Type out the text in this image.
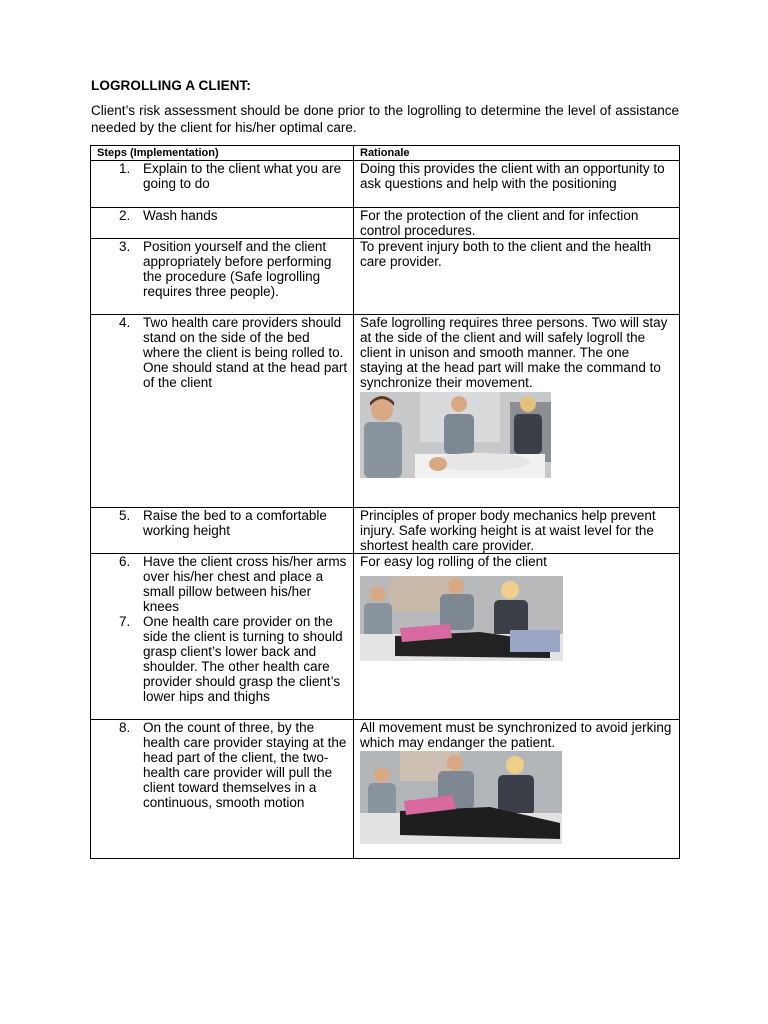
LOGROLLING A CLIENT:
Client’s risk assessment should be done prior to the logrolling to determine the level of assistance needed by the client for his/her optimal care.
Steps (Implementation)	Rationale

1. Explain to the client what you are going to do	Doing this provides the client with an opportunity to ask questions and help with the positioning

2. Wash hands	For the protection of the client and for infection control procedures.

3. Position yourself and the client appropriately before performing the procedure (Safe logrolling requires three people).	To prevent injury both to the client and the health care provider.

4. Two health care providers should stand on the side of the bed where the client is being rolled to. One should stand at the head part of the client	Safe logrolling requires three persons. Two will stay at the side of the client and will safely logroll the client in unison and smooth manner. The one staying at the head part will make the command to synchronize their movement.

5. Raise the bed to a comfortable working height	Principles of proper body mechanics help prevent injury. Safe working height is at waist level for the shortest health care provider.

6. Have the client cross his/her arms over his/her chest and place a small pillow between his/her knees
7. One health care provider on the side the client is turning to should grasp client’s lower back and shoulder. The other health care provider should grasp the client’s lower hips and thighs	For easy log rolling of the client

8. On the count of three, by the health care provider staying at the head part of the client, the two-health care provider will pull the client toward themselves in a continuous, smooth motion	All movement must be synchronized to avoid jerking which may endanger the patient.
